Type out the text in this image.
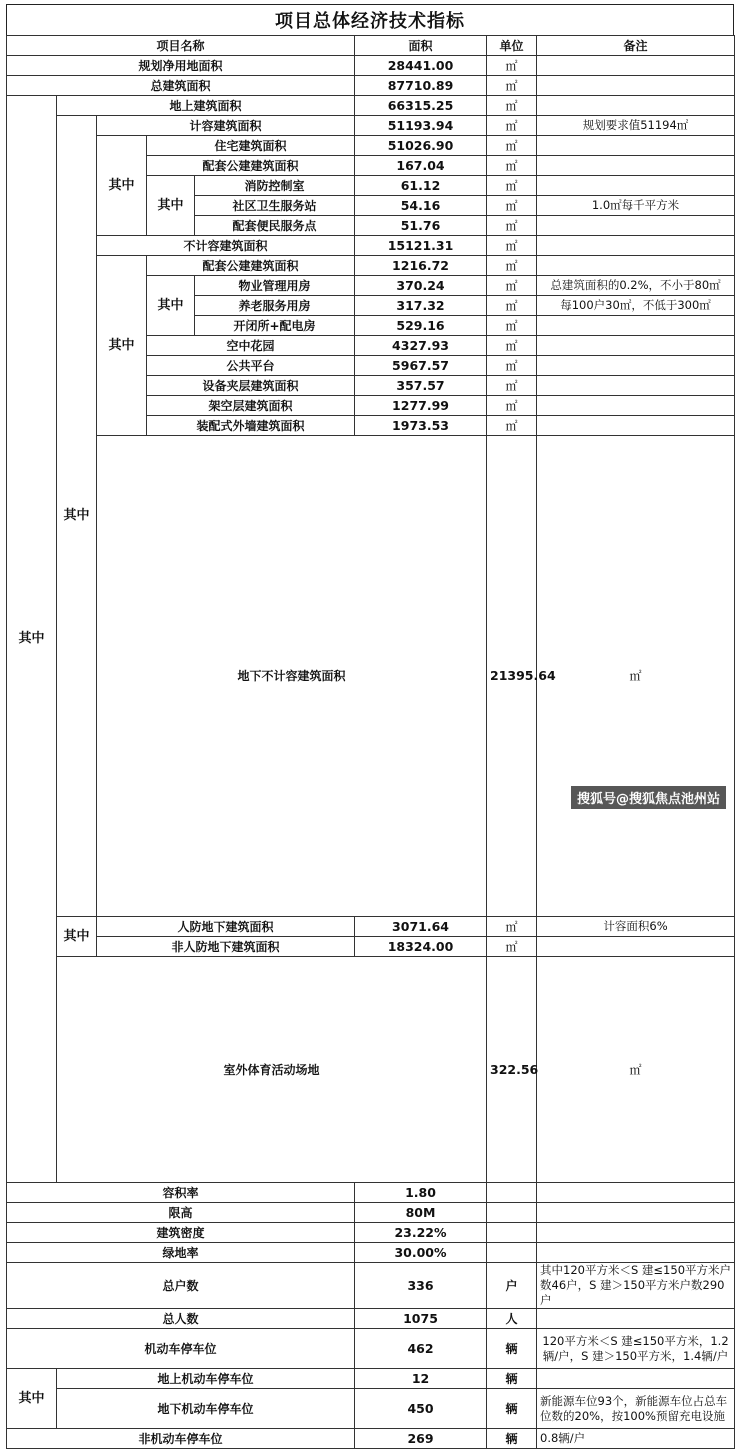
项目总体经济技术指标
项目名称					面积	单位	备注	
规划净用地面积					28441.00	㎡		
总建筑面积					87710.89	㎡		
其中	地上建筑面积				66315.25	㎡		
	其中	计容建筑面积			51193.94	㎡	规划要求值51194㎡	
		其中	住宅建筑面积		51026.90	㎡		
			配套公建建筑面积		167.04	㎡		
			其中	消防控制室	61.12	㎡		
				社区卫生服务站	54.16	㎡	1.0㎡每千平方米	
				配套便民服务点	51.76	㎡		
		不计容建筑面积			15121.31	㎡		
		其中	配套公建建筑面积		1216.72	㎡		
			其中	物业管理用房	370.24	㎡	总建筑面积的0.2%，不小于80㎡	
				养老服务用房	317.32	㎡	每100户30㎡，不低于300㎡	
				开闭所+配电房	529.16	㎡		
			空中花园		4327.93	㎡		
			公共平台		5967.57	㎡		
			设备夹层建筑面积		357.57	㎡		
			架空层建筑面积		1277.99	㎡		
			装配式外墙建筑面积		1973.53	㎡		
		地下不计容建筑面积				21395.64	㎡	
	其中	人防地下建筑面积			3071.64	㎡	计容面积6%	
		非人防地下建筑面积			18324.00	㎡		
	室外体育活动场地					322.56	㎡	
容积率					1.80			
限高					80M			
建筑密度					23.22%			
绿地率					30.00%			
总户数					336	户	其中120平方米＜S 建≤150平方米户数46户，S 建＞150平方米户数290户	
总人数					1075	人		
机动车停车位					462	辆	120平方米＜S 建≤150平方米，1.2辆/户，S 建＞150平方米，1.4辆/户	
其中	地上机动车停车位				12	辆		
	地下机动车停车位				450	辆	新能源车位93个，新能源车位占总车位数的20%，按100%预留充电设施	
非机动车停车位					269	辆	0.8辆/户	
搜狐号@搜狐焦点池州站
